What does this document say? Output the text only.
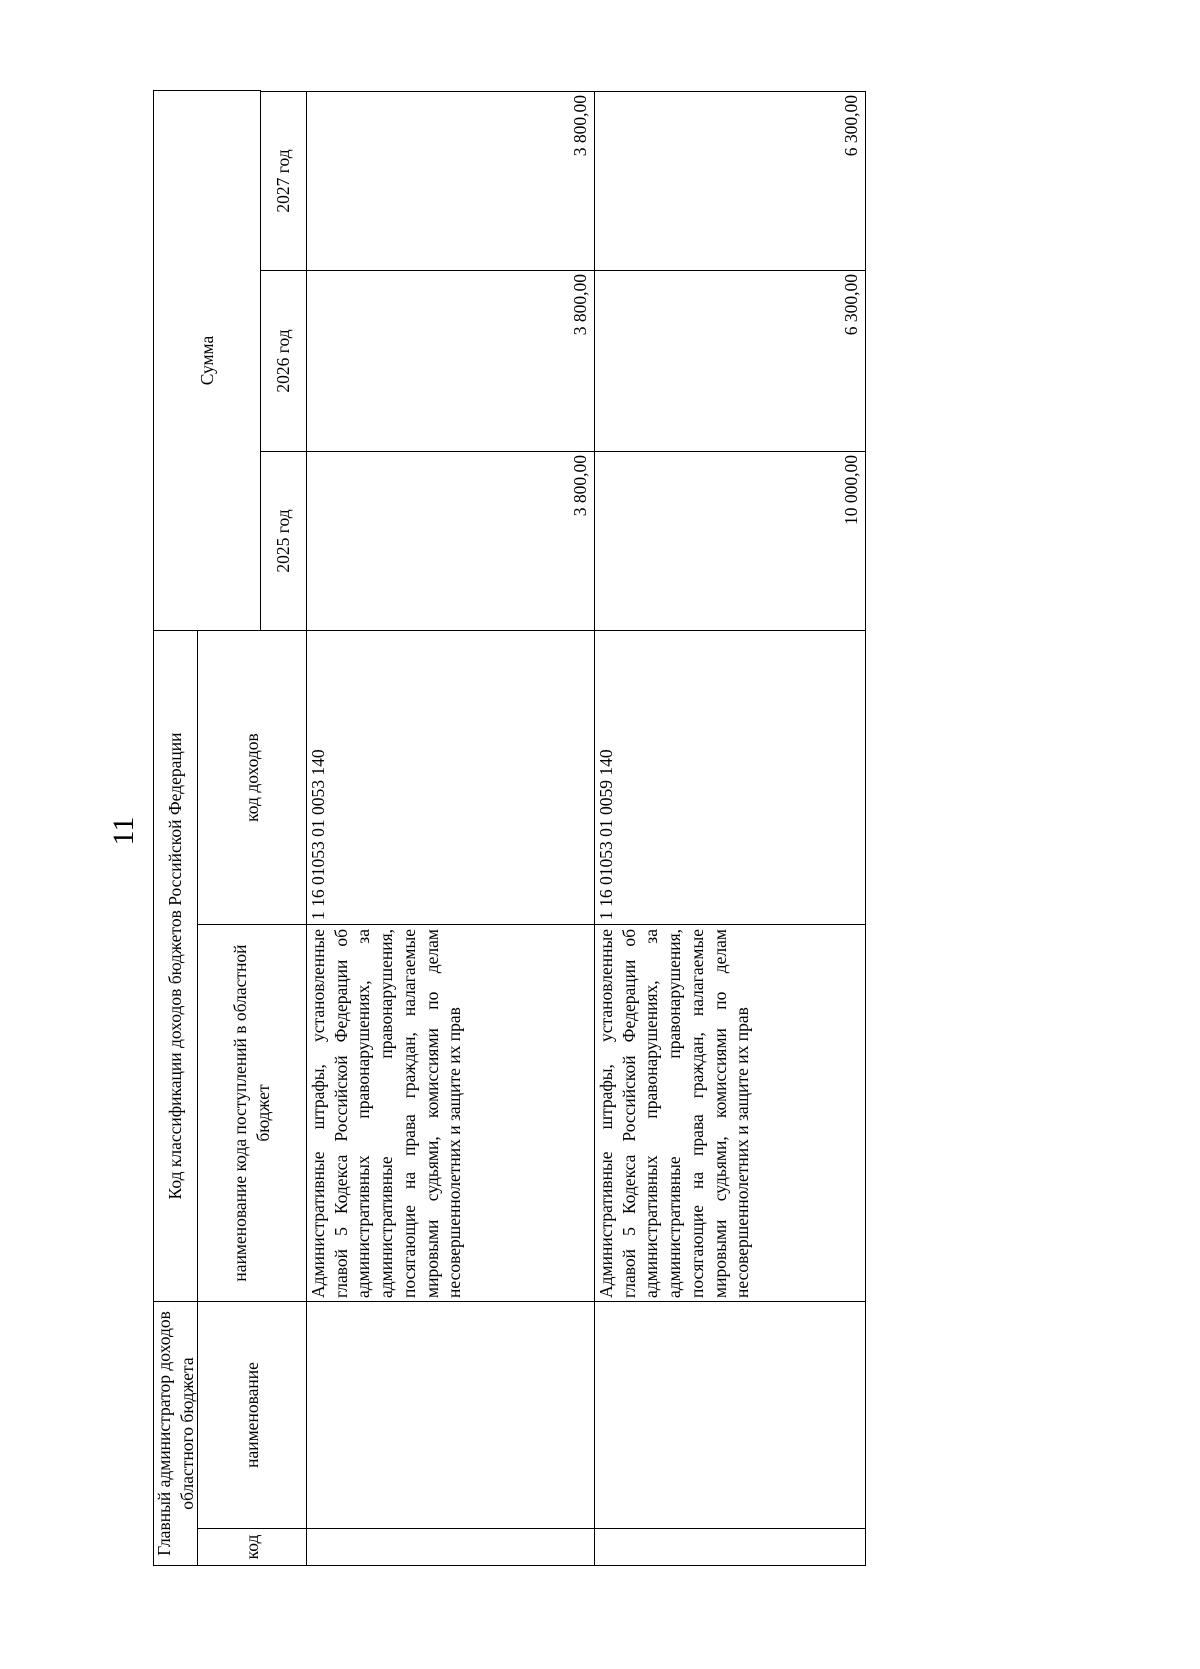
11
Главный администратор доходов областного бюджета
Код классификации доходов бюджетов Российской Федерации
Сумма
код
наименование
наименование кода поступлений в областной бюджет
код доходов
2025 год
2026 год
2027 год
Административные штрафы, установленные главой 5 Кодекса Российской Федерации об административных правонарушениях, за административные правонарушения, посягающие на права граждан, налагаемые мировыми судьями, комиссиями по делам несовершеннолетних и защите их прав
1 16 01053 01 0053 140
3 800,00
3 800,00
3 800,00
Административные штрафы, установленные главой 5 Кодекса Российской Федерации об административных правонарушениях, за административные правонарушения, посягающие на права граждан, налагаемые мировыми судьями, комиссиями по делам несовершеннолетних и защите их прав
1 16 01053 01 0059 140
10 000,00
6 300,00
6 300,00
